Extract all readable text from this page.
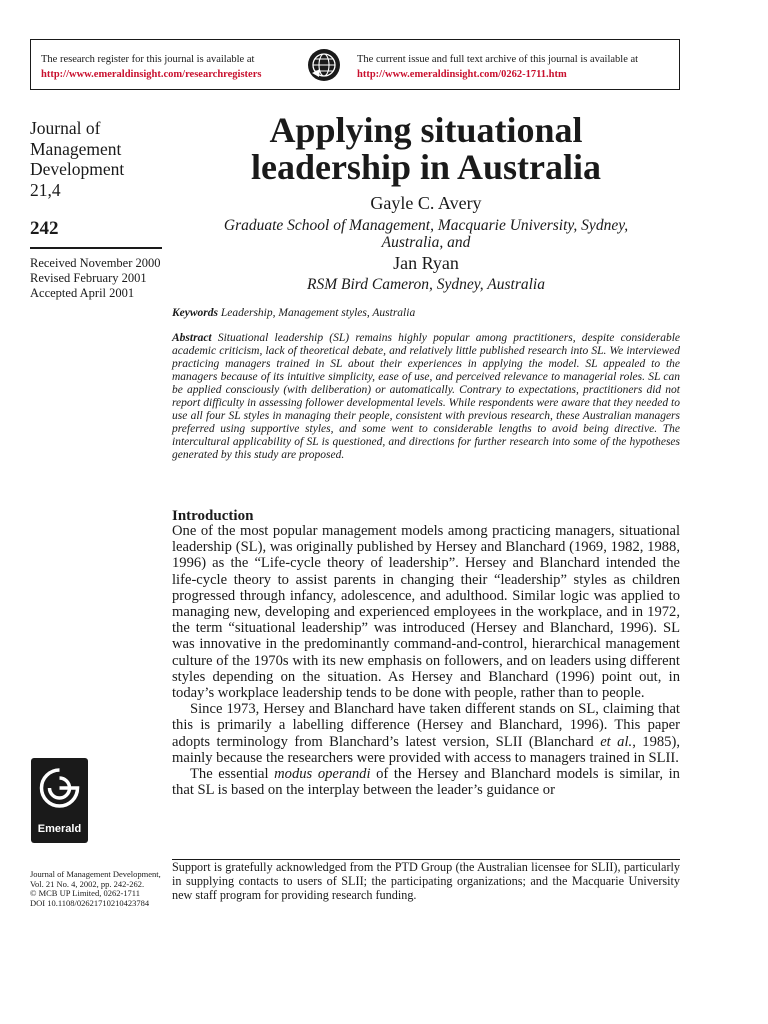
The research register for this journal is available at
http://www.emeraldinsight.com/researchregisters
The current issue and full text archive of this journal is available at
http://www.emeraldinsight.com/0262-1711.htm
Journal of
Management
Development
21,4
242
Received November 2000
Revised February 2001
Accepted April 2001
Emerald
Journal of Management Development,
Vol. 21 No. 4, 2002, pp. 242-262.
© MCB UP Limited, 0262-1711
DOI 10.1108/02621710210423784
Applying situational
leadership in Australia
Gayle C. Avery
Graduate School of Management, Macquarie University, Sydney,
Australia, and
Jan Ryan
RSM Bird Cameron, Sydney, Australia
Keywords Leadership, Management styles, Australia
Abstract Situational leadership (SL) remains highly popular among practitioners, despite considerable academic criticism, lack of theoretical debate, and relatively little published research into SL. We interviewed practicing managers trained in SL about their experiences in applying the model. SL appealed to the managers because of its intuitive simplicity, ease of use, and perceived relevance to managerial roles. SL can be applied consciously (with deliberation) or automatically. Contrary to expectations, practitioners did not report difficulty in assessing follower developmental levels. While respondents were aware that they needed to use all four SL styles in managing their people, consistent with previous research, these Australian managers preferred using supportive styles, and some went to considerable lengths to avoid being directive. The intercultural applicability of SL is questioned, and directions for further research into some of the hypotheses generated by this study are proposed.
Introduction

One of the most popular management models among practicing managers, situational leadership (SL), was originally published by Hersey and Blanchard (1969, 1982, 1988, 1996) as the “Life-cycle theory of leadership”. Hersey and Blanchard intended the life-cycle theory to assist parents in changing their “leadership” styles as children progressed through infancy, adolescence, and adulthood. Similar logic was applied to managing new, developing and experienced employees in the workplace, and in 1972, the term “situational leadership” was introduced (Hersey and Blanchard, 1996). SL was innovative in the predominantly command-and-control, hierarchical management culture of the 1970s with its new emphasis on followers, and on leaders using different styles depending on the situation. As Hersey and Blanchard (1996) point out, in today’s workplace leadership tends to be done with people, rather than to people.

Since 1973, Hersey and Blanchard have taken different stands on SL, claiming that this is primarily a labelling difference (Hersey and Blanchard, 1996). This paper adopts terminology from Blanchard’s latest version, SLII (Blanchard et al., 1985), mainly because the researchers were provided with access to managers trained in SLII.

The essential modus operandi of the Hersey and Blanchard models is similar, in that SL is based on the interplay between the leader’s guidance or

Support is gratefully acknowledged from the PTD Group (the Australian licensee for SLII), particularly in supplying contacts to users of SLII; the participating organizations; and the Macquarie University new staff program for providing research funding.
